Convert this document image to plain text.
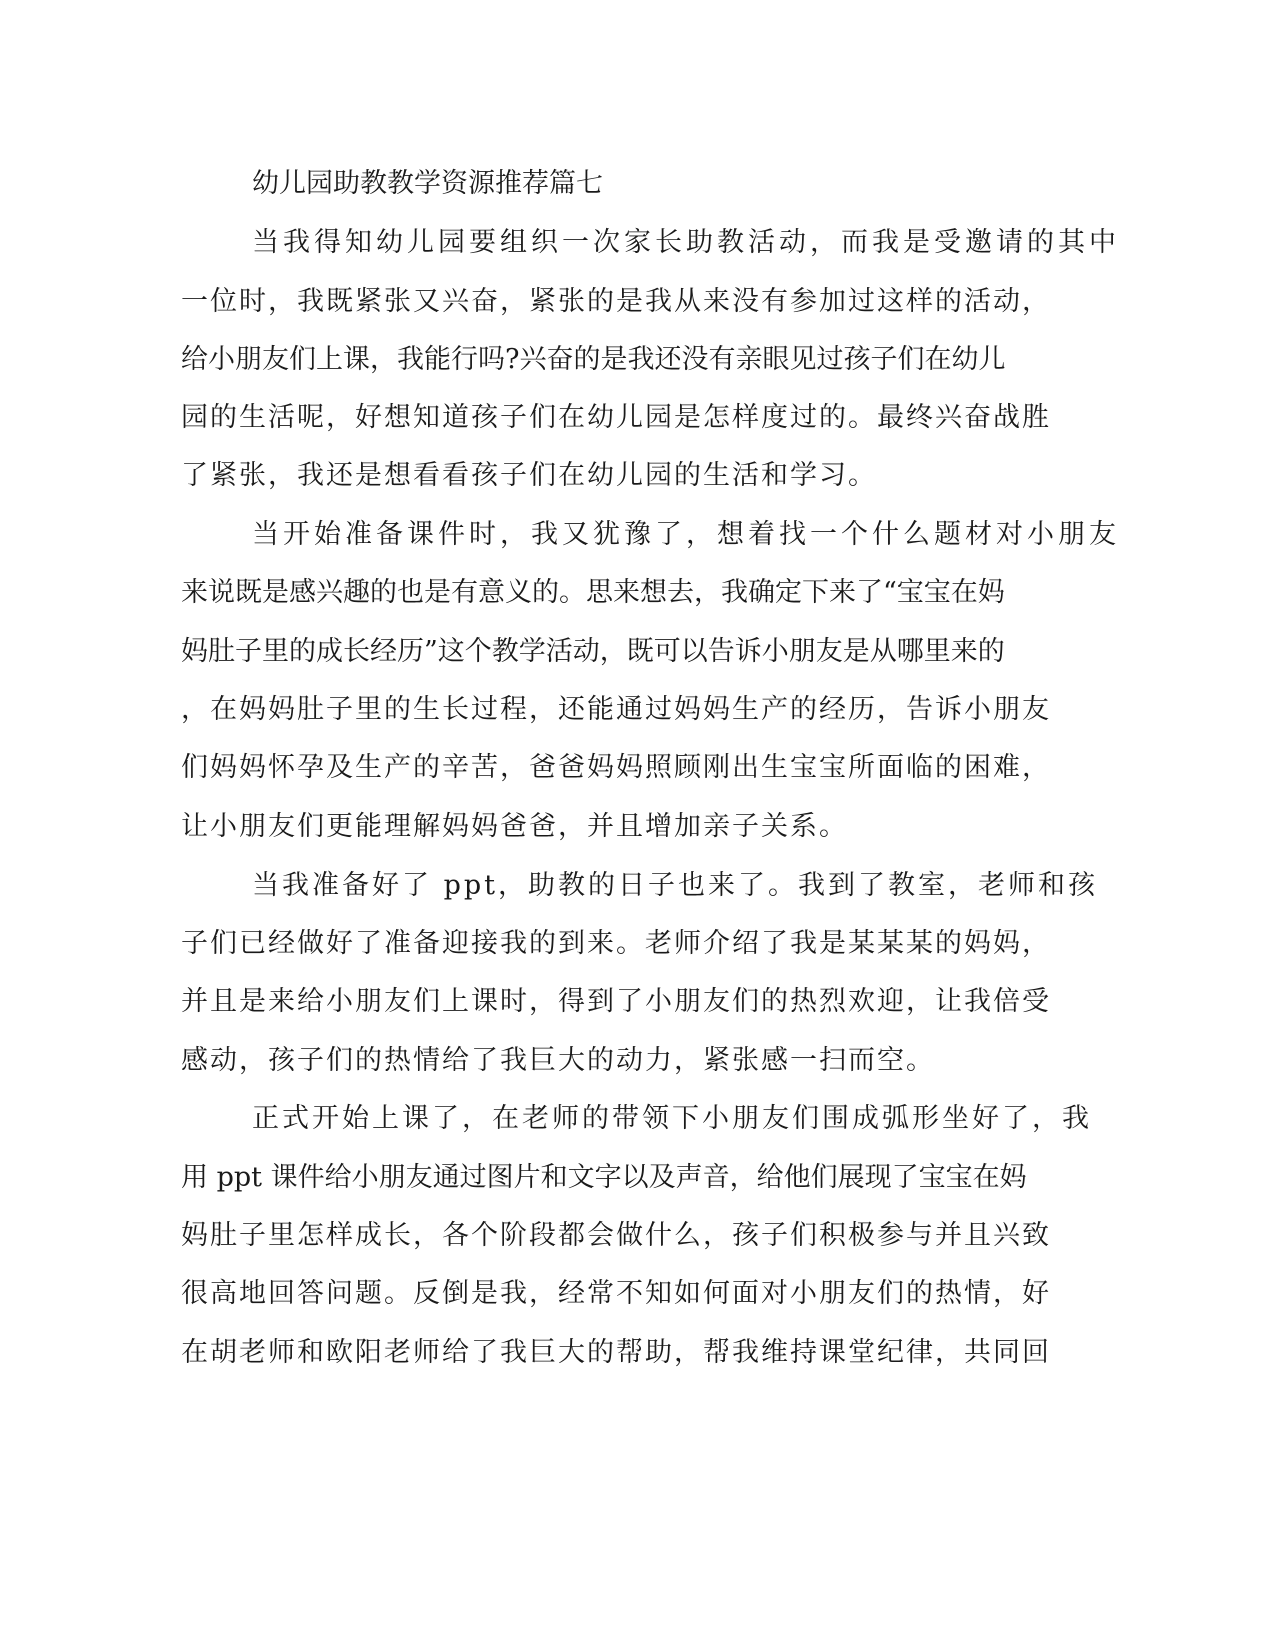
幼儿园助教教学资源推荐篇七

当我得知幼儿园要组织一次家长助教活动，而我是受邀请的其中

一位时，我既紧张又兴奋，紧张的是我从来没有参加过这样的活动，

给小朋友们上课，我能行吗?兴奋的是我还没有亲眼见过孩子们在幼儿

园的生活呢，好想知道孩子们在幼儿园是怎样度过的。最终兴奋战胜

了紧张，我还是想看看孩子们在幼儿园的生活和学习。

当开始准备课件时，我又犹豫了，想着找一个什么题材对小朋友

来说既是感兴趣的也是有意义的。思来想去，我确定下来了“宝宝在妈

妈肚子里的成长经历”这个教学活动，既可以告诉小朋友是从哪里来的

，在妈妈肚子里的生长过程，还能通过妈妈生产的经历，告诉小朋友

们妈妈怀孕及生产的辛苦，爸爸妈妈照顾刚出生宝宝所面临的困难，

让小朋友们更能理解妈妈爸爸，并且增加亲子关系。

当我准备好了 ppt，助教的日子也来了。我到了教室，老师和孩

子们已经做好了准备迎接我的到来。老师介绍了我是某某某的妈妈，

并且是来给小朋友们上课时，得到了小朋友们的热烈欢迎，让我倍受

感动，孩子们的热情给了我巨大的动力，紧张感一扫而空。

正式开始上课了，在老师的带领下小朋友们围成弧形坐好了，我

用 ppt 课件给小朋友通过图片和文字以及声音，给他们展现了宝宝在妈

妈肚子里怎样成长，各个阶段都会做什么，孩子们积极参与并且兴致

很高地回答问题。反倒是我，经常不知如何面对小朋友们的热情，好

在胡老师和欧阳老师给了我巨大的帮助，帮我维持课堂纪律，共同回
